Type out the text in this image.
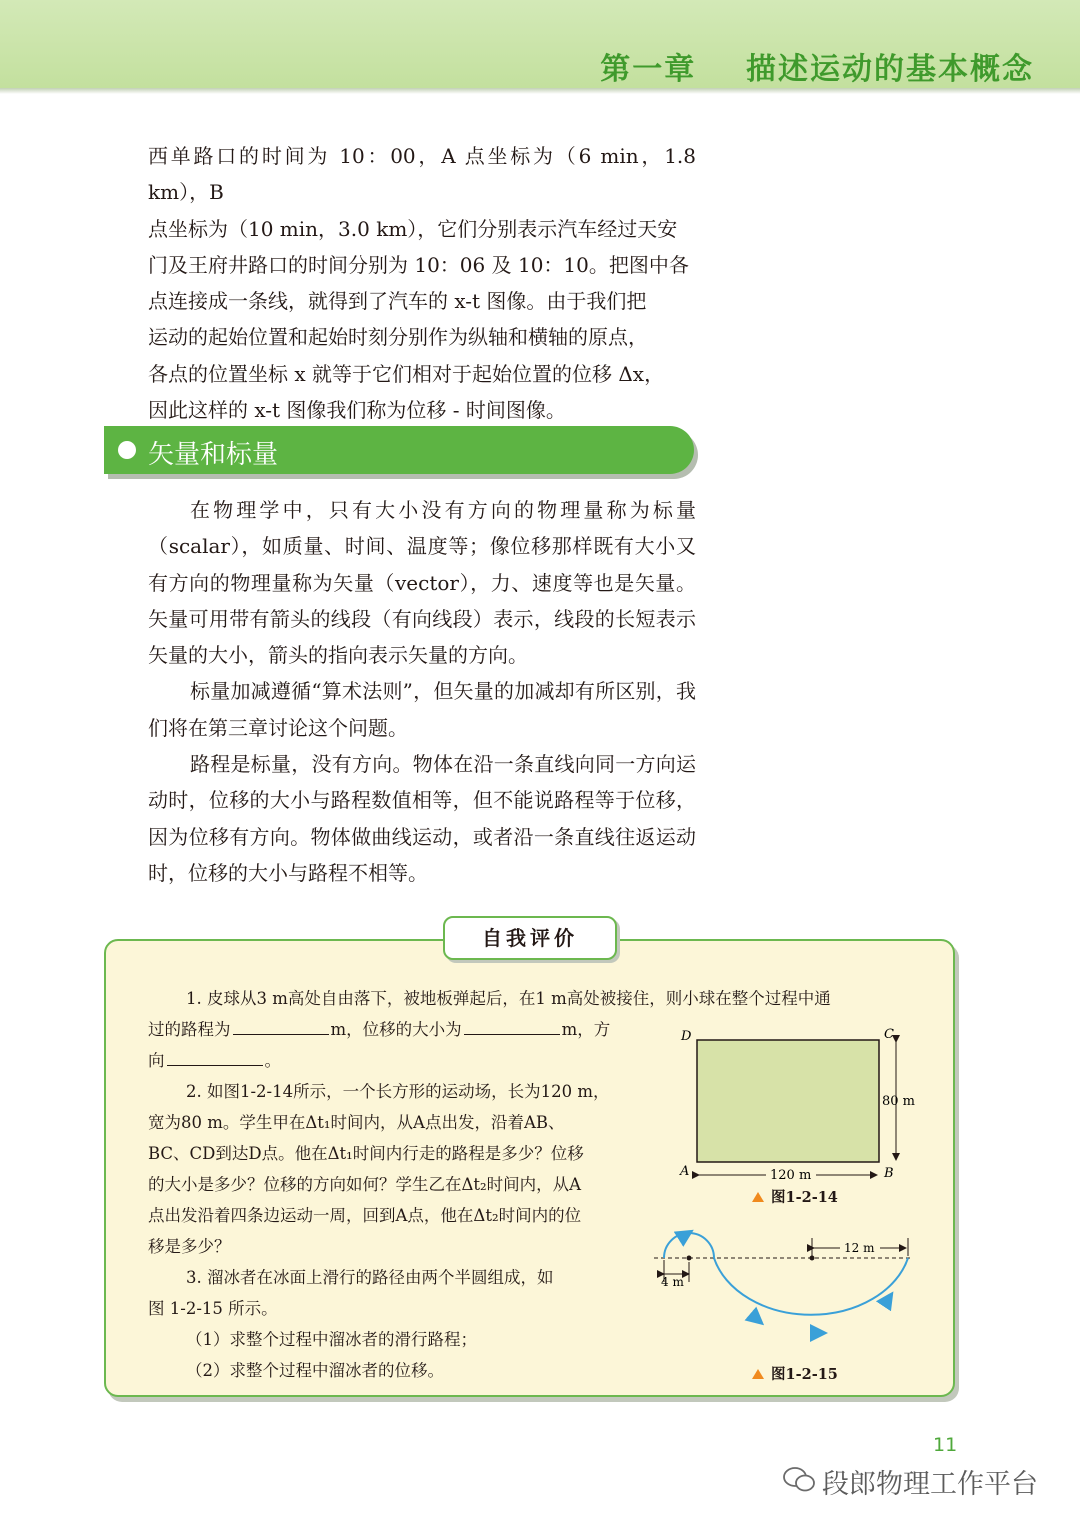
第一章    描述运动的基本概念

西单路口的时间为 10：00，A 点坐标为（6 min，1.8 km），B

点坐标为（10 min，3.0 km），它们分别表示汽车经过天安

门及王府井路口的时间分别为 10：06 及 10：10。把图中各

点连接成一条线，就得到了汽车的 x-t 图像。由于我们把

运动的起始位置和起始时刻分别作为纵轴和横轴的原点，

各点的位置坐标 x 就等于它们相对于起始位置的位移 Δx，

因此这样的 x-t 图像我们称为位移 - 时间图像。

矢量和标量

在物理学中，只有大小没有方向的物理量称为标量（scalar），如质量、时间、温度等；像位移那样既有大小又有方向的物理量称为矢量（vector），力、速度等也是矢量。矢量可用带有箭头的线段（有向线段）表示，线段的长短表示矢量的大小，箭头的指向表示矢量的方向。

标量加减遵循“算术法则”，但矢量的加减却有所区别，我们将在第三章讨论这个问题。

路程是标量，没有方向。物体在沿一条直线向同一方向运动时，位移的大小与路程数值相等，但不能说路程等于位移，因为位移有方向。物体做曲线运动，或者沿一条直线往返运动时，位移的大小与路程不相等。

自我评价
1. 皮球从3 m高处自由落下，被地板弹起后，在1 m高处被接住，则小球在整个过程中通
过的路程为	m，位移的大小为	m，方
向	。
2. 如图1-2-14所示，一个长方形的运动场，长为120 m，
宽为80 m。学生甲在Δt₁时间内，从A点出发，沿着AB、
BC、CD到达D点。他在Δt₁时间内行走的路程是多少？位移
的大小是多少？位移的方向如何？学生乙在Δt₂时间内，从A
点出发沿着四条边运动一周，回到A点，他在Δt₂时间内的位
移是多少？
3. 溜冰者在冰面上滑行的路径由两个半圆组成，如
图 1-2-15 所示。
（1）求整个过程中溜冰者的滑行路程；
（2）求整个过程中溜冰者的位移。
D	C
A	B
80 m
120 m
图1-2-14
4 m
12 m
图1-2-15
11
段郎物理工作平台
